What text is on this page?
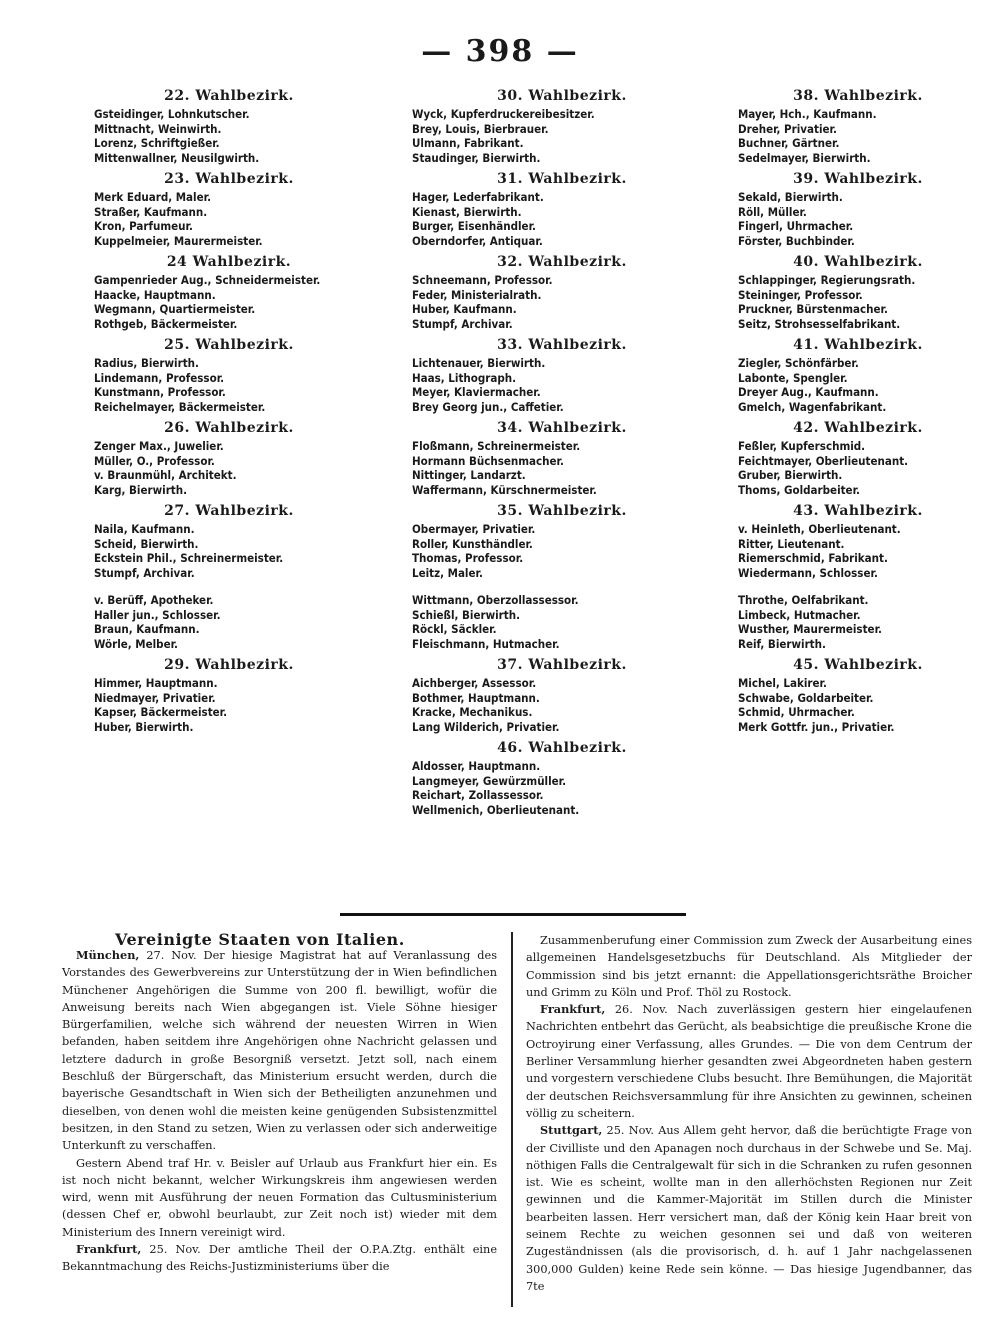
— 398 —
22. Wahlbezirk.
Gsteidinger, Lohnkutscher.
Mittnacht, Weinwirth.
Lorenz, Schriftgießer.
Mittenwallner, Neusilgwirth.
23. Wahlbezirk.
Merk Eduard, Maler.
Straßer, Kaufmann.
Kron, Parfumeur.
Kuppelmeier, Maurermeister.
24 Wahlbezirk.
Gampenrieder Aug., Schneidermeister.
Haacke, Hauptmann.
Wegmann, Quartiermeister.
Rothgeb, Bäckermeister.
25. Wahlbezirk.
Radius, Bierwirth.
Lindemann, Professor.
Kunstmann, Professor.
Reichelmayer, Bäckermeister.
26. Wahlbezirk.
Zenger Max., Juwelier.
Müller, O., Professor.
v. Braunmühl, Architekt.
Karg, Bierwirth.
27. Wahlbezirk.
Naila, Kaufmann.
Scheid, Bierwirth.
Eckstein Phil., Schreinermeister.
Stumpf, Archivar.
v. Berüff, Apotheker.
Haller jun., Schlosser.
Braun, Kaufmann.
Wörle, Melber.
29. Wahlbezirk.
Himmer, Hauptmann.
Niedmayer, Privatier.
Kapser, Bäckermeister.
Huber, Bierwirth.
30. Wahlbezirk.
Wyck, Kupferdruckereibesitzer.
Brey, Louis, Bierbrauer.
Ulmann, Fabrikant.
Staudinger, Bierwirth.
31. Wahlbezirk.
Hager, Lederfabrikant.
Kienast, Bierwirth.
Burger, Eisenhändler.
Oberndorfer, Antiquar.
32. Wahlbezirk.
Schneemann, Professor.
Feder, Ministerialrath.
Huber, Kaufmann.
Stumpf, Archivar.
33. Wahlbezirk.
Lichtenauer, Bierwirth.
Haas, Lithograph.
Meyer, Klaviermacher.
Brey Georg jun., Caffetier.
34. Wahlbezirk.
Floßmann, Schreinermeister.
Hormann Büchsenmacher.
Nittinger, Landarzt.
Waffermann, Kürschnermeister.
35. Wahlbezirk.
Obermayer, Privatier.
Roller, Kunsthändler.
Thomas, Professor.
Leitz, Maler.
Wittmann, Oberzollassessor.
Schießl, Bierwirth.
Röckl, Säckler.
Fleischmann, Hutmacher.
37. Wahlbezirk.
Aichberger, Assessor.
Bothmer, Hauptmann.
Kracke, Mechanikus.
Lang Wilderich, Privatier.
46. Wahlbezirk.
Aldosser, Hauptmann.
Langmeyer, Gewürzmüller.
Reichart, Zollassessor.
Wellmenich, Oberlieutenant.
38. Wahlbezirk.
Mayer, Hch., Kaufmann.
Dreher, Privatier.
Buchner, Gärtner.
Sedelmayer, Bierwirth.
39. Wahlbezirk.
Sekald, Bierwirth.
Röll, Müller.
Fingerl, Uhrmacher.
Förster, Buchbinder.
40. Wahlbezirk.
Schlappinger, Regierungsrath.
Steininger, Professor.
Pruckner, Bürstenmacher.
Seitz, Strohsesselfabrikant.
41. Wahlbezirk.
Ziegler, Schönfärber.
Labonte, Spengler.
Dreyer Aug., Kaufmann.
Gmelch, Wagenfabrikant.
42. Wahlbezirk.
Feßler, Kupferschmid.
Feichtmayer, Oberlieutenant.
Gruber, Bierwirth.
Thoms, Goldarbeiter.
43. Wahlbezirk.
v. Heinleth, Oberlieutenant.
Ritter, Lieutenant.
Riemerschmid, Fabrikant.
Wiedermann, Schlosser.
Throthe, Oelfabrikant.
Limbeck, Hutmacher.
Wusther, Maurermeister.
Reif, Bierwirth.
45. Wahlbezirk.
Michel, Lakirer.
Schwabe, Goldarbeiter.
Schmid, Uhrmacher.
Merk Gottfr. jun., Privatier.
Vereinigte Staaten von Italien.

München, 27. Nov. Der hiesige Magistrat hat auf Veranlassung des Vorstandes des Gewerbvereins zur Unterstützung der in Wien befindlichen Münchener Angehörigen die Summe von 200 fl. bewilligt, wofür die Anweisung bereits nach Wien abgegangen ist. Viele Söhne hiesiger Bürgerfamilien, welche sich während der neuesten Wirren in Wien befanden, haben seitdem ihre Angehörigen ohne Nachricht gelassen und letztere dadurch in große Besorgniß versetzt. Jetzt soll, nach einem Beschluß der Bürgerschaft, das Ministerium ersucht werden, durch die bayerische Gesandtschaft in Wien sich der Betheiligten anzunehmen und dieselben, von denen wohl die meisten keine genügenden Subsistenzmittel besitzen, in den Stand zu setzen, Wien zu verlassen oder sich anderweitige Unterkunft zu verschaffen.

Gestern Abend traf Hr. v. Beisler auf Urlaub aus Frankfurt hier ein. Es ist noch nicht bekannt, welcher Wirkungskreis ihm angewiesen werden wird, wenn mit Ausführung der neuen Formation das Cultusministerium (dessen Chef er, obwohl beurlaubt, zur Zeit noch ist) wieder mit dem Ministerium des Innern vereinigt wird.

Frankfurt, 25. Nov. Der amtliche Theil der O.P.A.Ztg. enthält eine Bekanntmachung des Reichs-Justizministeriums über die

Zusammenberufung einer Commission zum Zweck der Ausarbeitung eines allgemeinen Handelsgesetzbuchs für Deutschland. Als Mitglieder der Commission sind bis jetzt ernannt: die Appellationsgerichtsräthe Broicher und Grimm zu Köln und Prof. Thöl zu Rostock.

Frankfurt, 26. Nov. Nach zuverlässigen gestern hier eingelaufenen Nachrichten entbehrt das Gerücht, als beabsichtige die preußische Krone die Octroyirung einer Verfassung, alles Grundes. — Die von dem Centrum der Berliner Versammlung hierher gesandten zwei Abgeordneten haben gestern und vorgestern verschiedene Clubs besucht. Ihre Bemühungen, die Majorität der deutschen Reichsversammlung für ihre Ansichten zu gewinnen, scheinen völlig zu scheitern.

Stuttgart, 25. Nov. Aus Allem geht hervor, daß die berüchtigte Frage von der Civilliste und den Apanagen noch durchaus in der Schwebe und Se. Maj. nöthigen Falls die Centralgewalt für sich in die Schranken zu rufen gesonnen ist. Wie es scheint, wollte man in den allerhöchsten Regionen nur Zeit gewinnen und die Kammer-Majorität im Stillen durch die Minister bearbeiten lassen. Herr versichert man, daß der König kein Haar breit von seinem Rechte zu weichen gesonnen sei und daß von weiteren Zugeständnissen (als die provisorisch, d. h. auf 1 Jahr nachgelassenen 300,000 Gulden) keine Rede sein könne. — Das hiesige Jugendbanner, das 7te
